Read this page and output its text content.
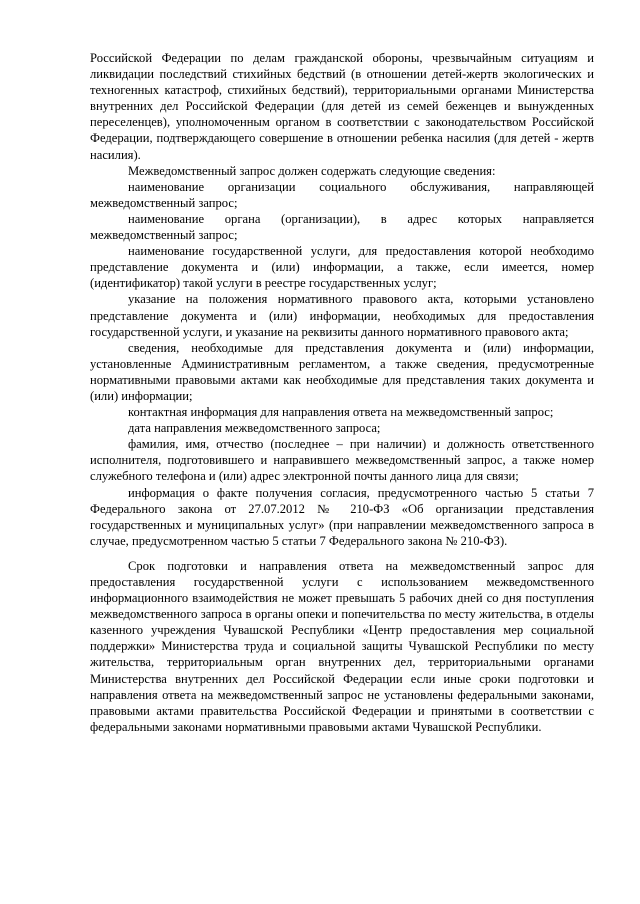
Российской Федерации по делам гражданской обороны, чрезвычайным ситуациям и ликвидации последствий стихийных бедствий (в отношении детей-жертв экологических и техногенных катастроф, стихийных бедствий), территориальными органами Министерства внутренних дел Российской Федерации (для детей из семей беженцев и вынужденных переселенцев), уполномоченным органом в соответствии с законодательством Российской Федерации, подтверждающего совершение в отношении ребенка насилия (для детей - жертв насилия).

Межведомственный запрос должен содержать следующие сведения:

наименование организации социального обслуживания, направляющей межведомственный запрос;

наименование органа (организации), в адрес которых направляется межведомственный запрос;

наименование государственной услуги, для предоставления которой необходимо представление документа и (или) информации, а также, если имеется, номер (идентификатор) такой услуги в реестре государственных услуг;

указание на положения нормативного правового акта, которыми установлено представление документа и (или) информации, необходимых для предоставления государственной услуги, и указание на реквизиты данного нормативного правового акта;

сведения, необходимые для представления документа и (или) информации, установленные Административным регламентом, а также сведения, предусмотренные нормативными правовыми актами как необходимые для представления таких документа и (или) информации;

контактная информация для направления ответа на межведомственный запрос;

дата направления межведомственного запроса;

фамилия, имя, отчество (последнее – при наличии) и должность ответственного исполнителя, подготовившего и направившего межведомственный запрос, а также номер служебного телефона и (или) адрес электронной почты данного лица для связи;

информация о факте получения согласия, предусмотренного частью 5 статьи 7 Федерального закона от 27.07.2012 № 210-ФЗ «Об организации представления государственных и муниципальных услуг» (при направлении межведомственного запроса в случае, предусмотренном частью 5 статьи 7 Федерального закона № 210-ФЗ).

Срок подготовки и направления ответа на межведомственный запрос для предоставления государственной услуги с использованием межведомственного информационного взаимодействия не может превышать 5 рабочих дней со дня поступления межведомственного запроса в органы опеки и попечительства по месту жительства, в отделы казенного учреждения Чувашской Республики «Центр предоставления мер социальной поддержки» Министерства труда и социальной защиты Чувашской Республики по месту жительства, территориальным орган внутренних дел, территориальными органами Министерства внутренних дел Российской Федерации если иные сроки подготовки и направления ответа на межведомственный запрос не установлены федеральными законами, правовыми актами правительства Российской Федерации и принятыми в соответствии с федеральными законами нормативными правовыми актами Чувашской Республики.
